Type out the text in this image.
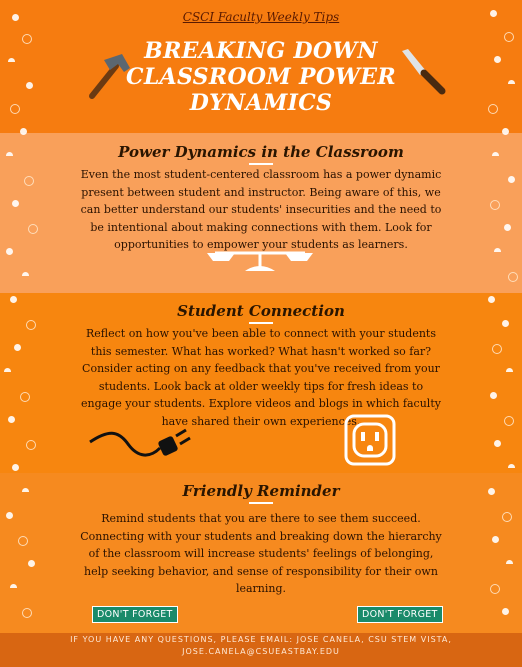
CSCI Faculty Weekly Tips
BREAKING DOWN
CLASSROOM POWER
DYNAMICS
Power Dynamics in the Classroom
Even the most student-centered classroom has a power dynamic present between student and instructor. Being aware of this, we can better understand our students' insecurities and the need to be intentional about making connections with them. Look for opportunities to empower your students as learners.
Student Connection
Reflect on how you've been able to connect with your students this semester. What has worked? What hasn't worked so far? Consider acting on any feedback that you've received from your students. Look back at older weekly tips for fresh ideas to engage your students. Explore videos and blogs in which faculty have shared their own experiences.
Friendly Reminder
Remind students that you are there to see them succeed. Connecting with your students and breaking down the hierarchy of the classroom will increase students' feelings of belonging, help seeking behavior, and sense of responsibility for their own learning.
DON'T FORGET	DON'T FORGET
IF YOU HAVE ANY QUESTIONS, PLEASE EMAIL: JOSE CANELA, CSU STEM VISTA, JOSE.CANELA@CSUEASTBAY.EDU
